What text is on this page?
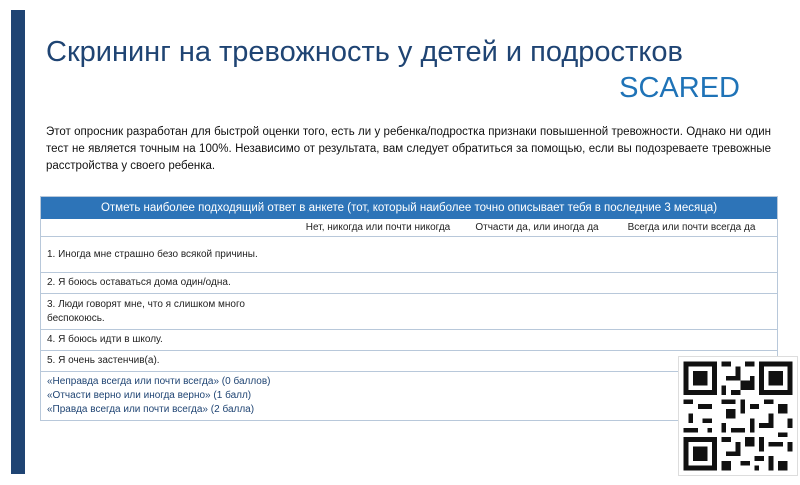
Скрининг на тревожность у детей и подростков
SCARED
Этот опросник разработан для быстрой оценки того, есть ли у ребенка/подростка признаки повышенной тревожности. Однако ни один тест не является точным на 100%. Независимо от результата, вам следует обратиться за помощью, если вы подозреваете тревожные расстройства у своего ребенка.
Отметь наиболее подходящий ответ в анкете (тот, который наиболее точно описывает тебя в последние 3 месяца)
Нет, никогда или почти никогда	Отчасти да, или иногда да	Всегда или почти всегда да
1. Иногда мне страшно безо всякой причины.
2. Я боюсь оставаться дома один/одна.
3. Люди говорят мне, что я слишком много беспокоюсь.
4. Я боюсь идти в школу.
5. Я очень застенчив(а).
«Неправда всегда или почти всегда» (0 баллов)
«Отчасти верно или иногда верно» (1 балл)
«Правда всегда или почти всегда» (2 балла)
